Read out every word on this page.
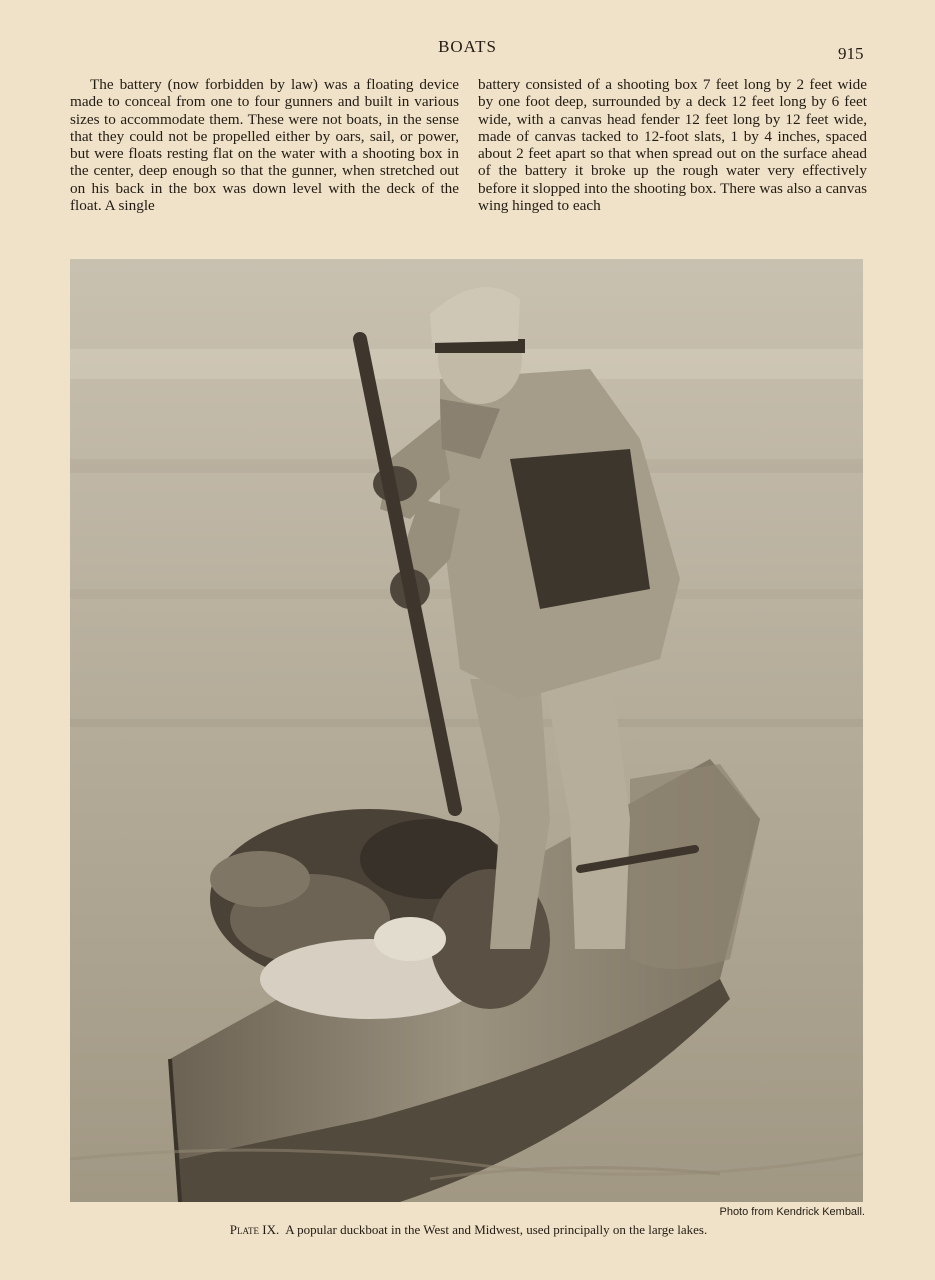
BOATS	915

The battery (now forbidden by law) was a floating device made to conceal from one to four gunners and built in various sizes to accommodate them. These were not boats, in the sense that they could not be propelled either by oars, sail, or power, but were floats resting flat on the water with a shooting box in the center, deep enough so that the gunner, when stretched out on his back in the box was down level with the deck of the float. A single

battery consisted of a shooting box 7 feet long by 2 feet wide by one foot deep, surrounded by a deck 12 feet long by 6 feet wide, with a canvas head fender 12 feet long by 12 feet wide, made of canvas tacked to 12-foot slats, 1 by 4 inches, spaced about 2 feet apart so that when spread out on the surface ahead of the battery it broke up the rough water very effectively before it slopped into the shooting box. There was also a canvas wing hinged to each

Photo from Kendrick Kemball.
Plate IX. A popular duckboat in the West and Midwest, used principally on the large lakes.
